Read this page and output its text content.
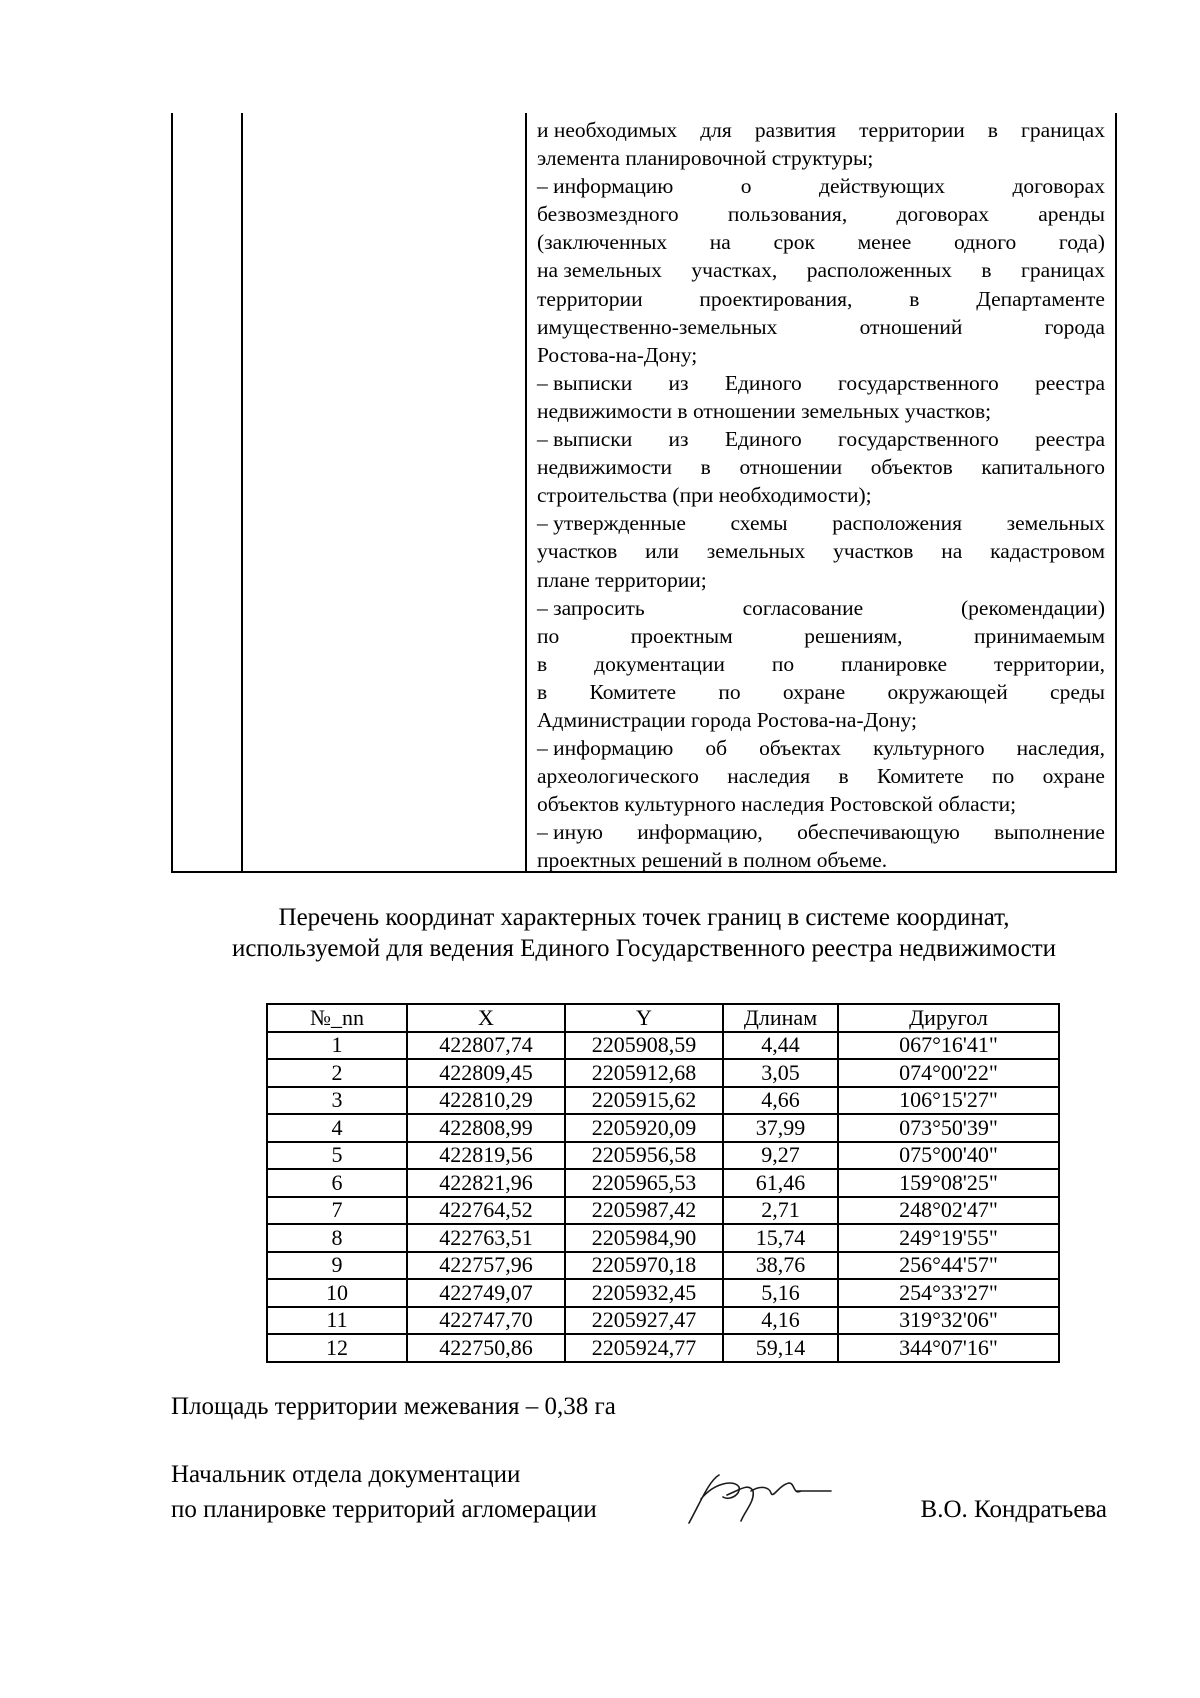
и необходимых для развития территории в границах
элемента планировочной структуры;
– информацию	о	действующих	договорах
безвозмездного пользования, договорах аренды
(заключенных на срок менее одного года)
на земельных участках, расположенных в границах
территории	проектирования,	в	Департаменте
имущественно-земельных	отношений	города
Ростова-на-Дону;
– выписки из Единого государственного реестра
недвижимости в отношении земельных участков;
– выписки из Единого государственного реестра
недвижимости в отношении объектов капитального
строительства (при необходимости);
– утвержденные схемы расположения земельных
участков или земельных участков на кадастровом
плане территории;
– запросить	согласование	(рекомендации)
по	проектным	решениям,	принимаемым
в документации по планировке территории,
в Комитете по охране окружающей среды
Администрации города Ростова-на-Дону;
– информацию об объектах культурного наследия,
археологического наследия в Комитете по охране
объектов культурного наследия Ростовской области;
– иную информацию, обеспечивающую выполнение
проектных решений в полном объеме.
Перечень координат характерных точек границ в системе координат,
используемой для ведения Единого Государственного реестра недвижимости
№_nn	X	Y	Длинам	Диругол
1	422807,74	2205908,59	4,44	067°16'41"
2	422809,45	2205912,68	3,05	074°00'22"
3	422810,29	2205915,62	4,66	106°15'27"
4	422808,99	2205920,09	37,99	073°50'39"
5	422819,56	2205956,58	9,27	075°00'40"
6	422821,96	2205965,53	61,46	159°08'25"
7	422764,52	2205987,42	2,71	248°02'47"
8	422763,51	2205984,90	15,74	249°19'55"
9	422757,96	2205970,18	38,76	256°44'57"
10	422749,07	2205932,45	5,16	254°33'27"
11	422747,70	2205927,47	4,16	319°32'06"
12	422750,86	2205924,77	59,14	344°07'16"
Площадь территории межевания – 0,38 га
Начальник отдела документации
по планировке территорий агломерации	В.О. Кондратьева
